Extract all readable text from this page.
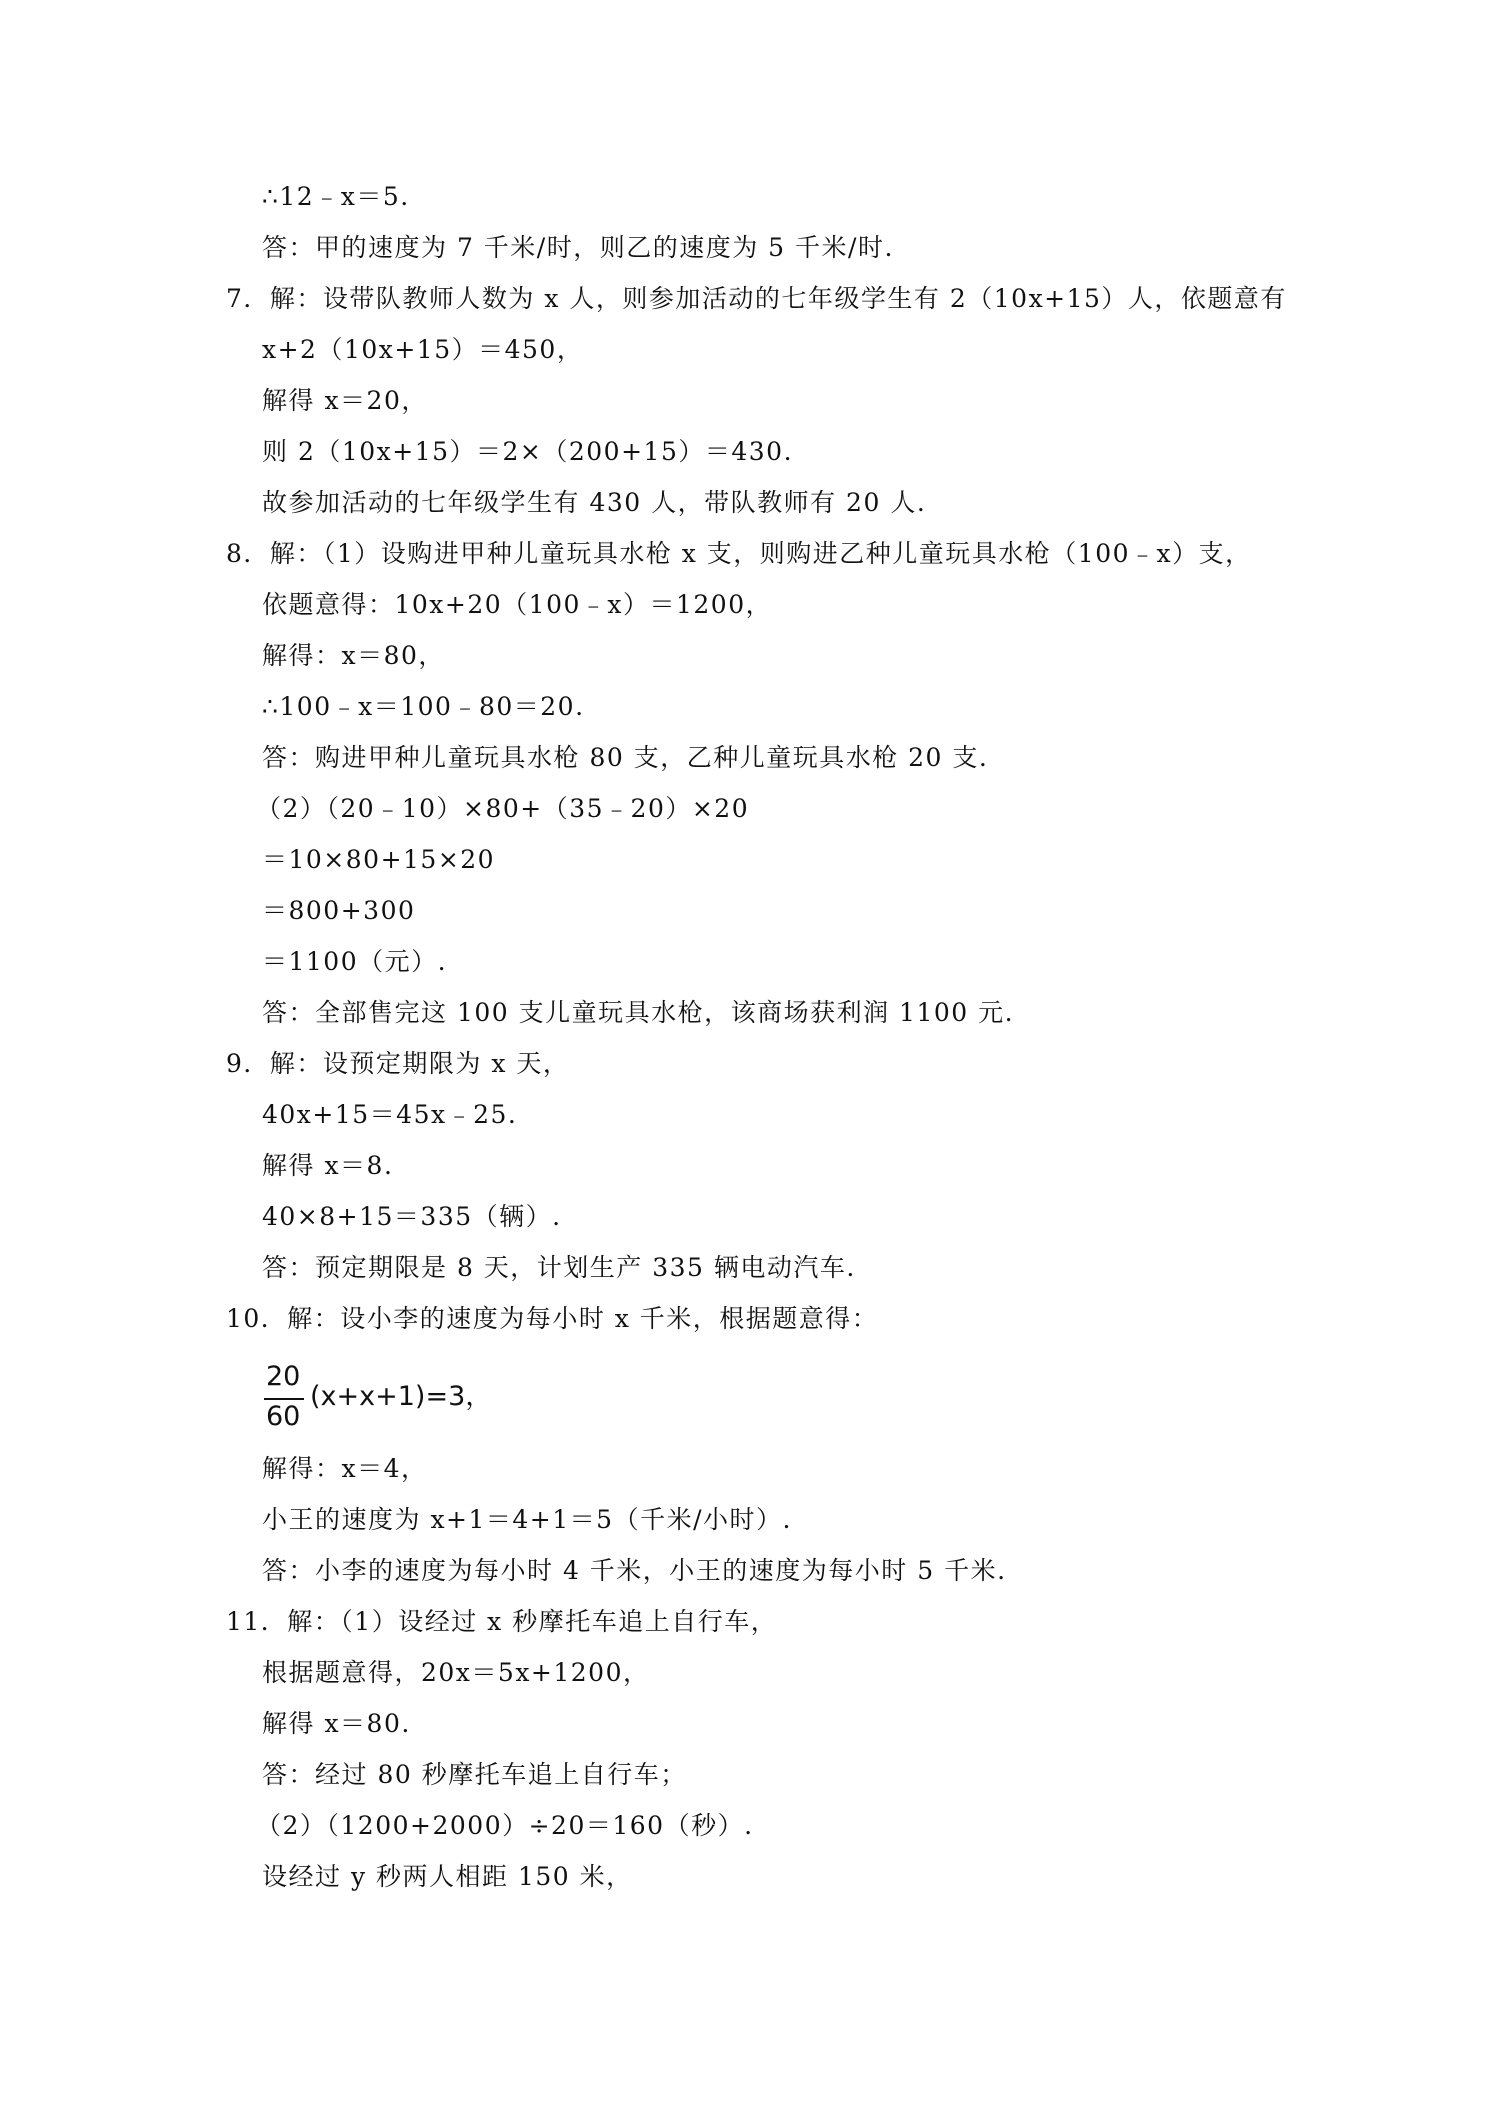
∴12﹣x＝5.
答：甲的速度为 7 千米/时，则乙的速度为 5 千米/时.
7．解：设带队教师人数为 x 人，则参加活动的七年级学生有 2（10x+15）人，依题意有
x+2（10x+15）＝450，
解得 x＝20，
则 2（10x+15）＝2×（200+15）＝430.
故参加活动的七年级学生有 430 人，带队教师有 20 人.
8．解：（1）设购进甲种儿童玩具水枪 x 支，则购进乙种儿童玩具水枪（100﹣x）支，
依题意得：10x+20（100﹣x）＝1200，
解得：x＝80，
∴100﹣x＝100﹣80＝20.
答：购进甲种儿童玩具水枪 80 支，乙种儿童玩具水枪 20 支.
（2）（20﹣10）×80+（35﹣20）×20
＝10×80+15×20
＝800+300
＝1100（元）.
答：全部售完这 100 支儿童玩具水枪，该商场获利润 1100 元.
9．解：设预定期限为 x 天，
40x+15＝45x﹣25.
解得 x＝8.
40×8+15＝335（辆）.
答：预定期限是 8 天，计划生产 335 辆电动汽车.
10．解：设小李的速度为每小时 x 千米，根据题意得：
20
60
(x+x+1)=3，
解得：x＝4，
小王的速度为 x+1＝4+1＝5（千米/小时）.
答：小李的速度为每小时 4 千米，小王的速度为每小时 5 千米.
11．解：（1）设经过 x 秒摩托车追上自行车，
根据题意得，20x＝5x+1200，
解得 x＝80.
答：经过 80 秒摩托车追上自行车；
（2）（1200+2000）÷20＝160（秒）.
设经过 y 秒两人相距 150 米，
